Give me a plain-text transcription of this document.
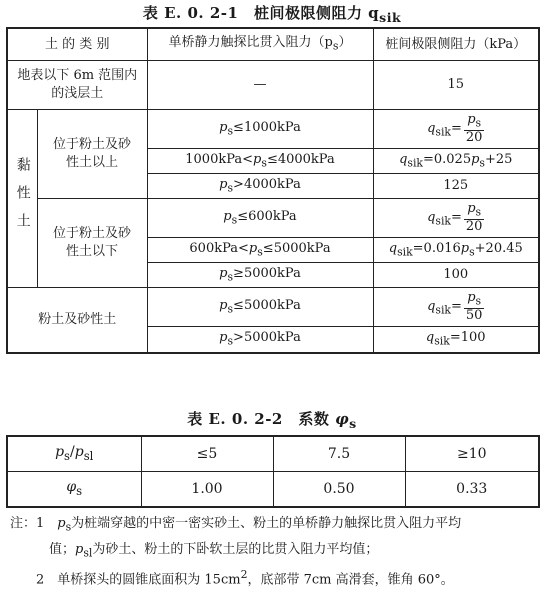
表 E. 0. 2-1　桩间极限侧阻力 $q_{sik}$
土 的 类 别		单桥静力触探比贯入阻力$(p_s)$	桩间极限侧阻力（kPa）
地表以下 6m 范围内的浅层土		—	15
黏性土	位于粉土及砂性土以上	$p_s\le 1000kPa$	$q_{sik}= \frac{p_s}{20}$

		$1000kPa<p_s\le 4000kPa$	$q_{sik}=0.025p_s+25$
		$p_s>4000kPa$	125
	位于粉土及砂性土以下	$p_s\le 600kPa$	$q_{sik}= \frac{p_s}{20}$

		$600kPa<p_s\le 5000kPa$	$q_{sik}=0.016p_s+20.45$
		$p_s\ge 5000kPa$	100
粉土及砂性土		$p_s\le 5000kPa$	$q_{sik}= \frac{p_s}{50}$

		$p_s>5000kPa$	$q_{sik}=100$
表 E. 0. 2-2　系数 $\varphi_s$
$p_s/p_{sl}$	≤5	7.5	≥10
$\varphi_s$	1.00	0.50	0.33
注：1　$p_s$为桩端穿越的中密一密实砂土、粉土的单桥静力触探比贯入阻力平均
　　　值；$p_{sl}$为砂土、粉土的下卧软土层的比贯入阻力平均值；
　　2　单桥探头的圆锥底面积为 $15cm^2$，底部带 7cm 高滑套，锥角 60°。
